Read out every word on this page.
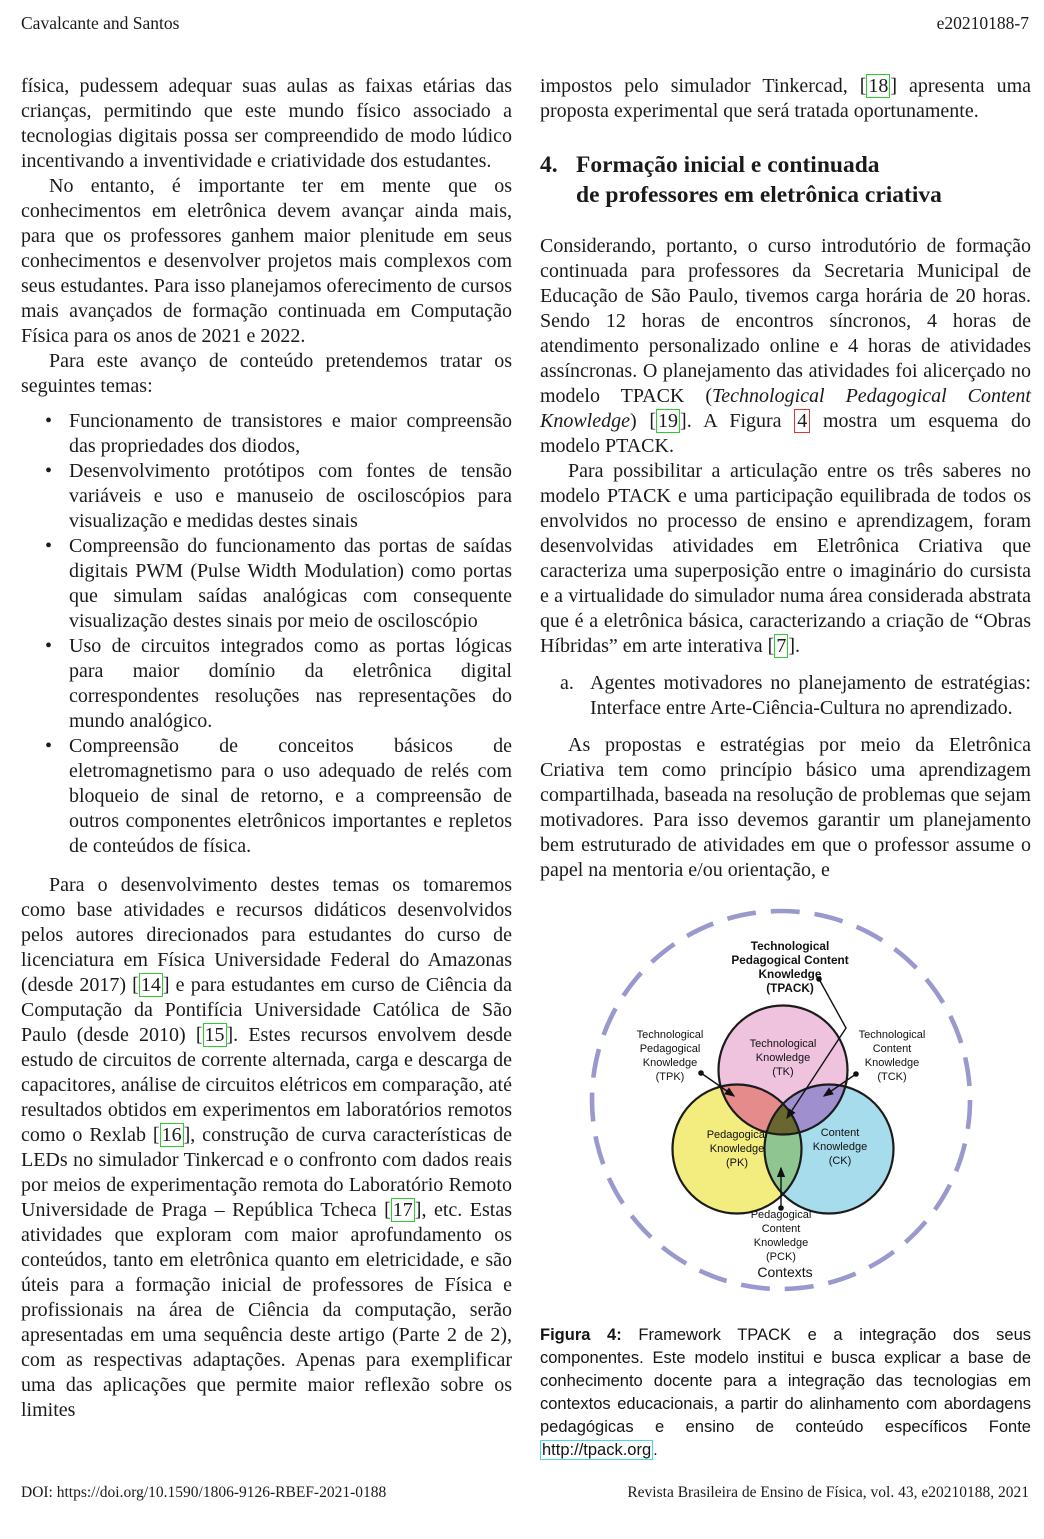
Cavalcante and Santos	e20210188-7

física, pudessem adequar suas aulas as faixas etárias das crianças, permitindo que este mundo físico associado a tecnologias digitais possa ser compreendido de modo lúdico incentivando a inventividade e criatividade dos estudantes.

No entanto, é importante ter em mente que os conhecimentos em eletrônica devem avançar ainda mais, para que os professores ganhem maior plenitude em seus conhecimentos e desenvolver projetos mais complexos com seus estudantes. Para isso planejamos oferecimento de cursos mais avançados de formação continuada em Computação Física para os anos de 2021 e 2022.

Para este avanço de conteúdo pretendemos tratar os seguintes temas:

• Funcionamento de transistores e maior compreensão das propriedades dos diodos,
• Desenvolvimento protótipos com fontes de tensão variáveis e uso e manuseio de osciloscópios para visualização e medidas destes sinais
• Compreensão do funcionamento das portas de saídas digitais PWM (Pulse Width Modulation) como portas que simulam saídas analógicas com consequente visualização destes sinais por meio de osciloscópio
• Uso de circuitos integrados como as portas lógicas para maior domínio da eletrônica digital correspondentes resoluções nas representações do mundo analógico.
• Compreensão de conceitos básicos de eletromagnetismo para o uso adequado de relés com bloqueio de sinal de retorno, e a compreensão de outros componentes eletrônicos importantes e repletos de conteúdos de física.

Para o desenvolvimento destes temas os tomaremos como base atividades e recursos didáticos desenvolvidos pelos autores direcionados para estudantes do curso de licenciatura em Física Universidade Federal do Amazonas (desde 2017) [ 14 ] e para estudantes em curso de Ciência da Computação da Pontifícia Universidade Católica de São Paulo (desde 2010) [ 15 ]. Estes recursos envolvem desde estudo de circuitos de corrente alternada, carga e descarga de capacitores, análise de circuitos elétricos em comparação, até resultados obtidos em experimentos em laboratórios remotos como o Rexlab [ 16 ], construção de curva características de LEDs no simulador Tinkercad e o confronto com dados reais por meios de experimentação remota do Laboratório Remoto Universidade de Praga – República Tcheca [ 17 ], etc. Estas atividades que exploram com maior aprofundamento os conteúdos, tanto em eletrônica quanto em eletricidade, e são úteis para a formação inicial de professores de Física e profissionais na área de Ciência da computação, serão apresentadas em uma sequência deste artigo (Parte 2 de 2), com as respectivas adaptações. Apenas para exemplificar uma das aplicações que permite maior reflexão sobre os limites

impostos pelo simulador Tinkercad, [ 18 ] apresenta uma proposta experimental que será tratada oportunamente.

4. Formação inicial e continuada
de professores em eletrônica criativa

Considerando, portanto, o curso introdutório de formação continuada para professores da Secretaria Municipal de Educação de São Paulo, tivemos carga horária de 20 horas. Sendo 12 horas de encontros síncronos, 4 horas de atendimento personalizado online e 4 horas de atividades assíncronas. O planejamento das atividades foi alicerçado no modelo TPACK (Technological Pedagogical Content Knowledge) [ 19 ]. A Figura 4 mostra um esquema do modelo PTACK.

Para possibilitar a articulação entre os três saberes no modelo PTACK e uma participação equilibrada de todos os envolvidos no processo de ensino e aprendizagem, foram desenvolvidas atividades em Eletrônica Criativa que caracteriza uma superposição entre o imaginário do cursista e a virtualidade do simulador numa área considerada abstrata que é a eletrônica básica, caracterizando a criação de “Obras Híbridas” em arte interativa [ 7 ].

a. Agentes motivadores no planejamento de estratégias: Interface entre Arte-Ciência-Cultura no aprendizado.

As propostas e estratégias por meio da Eletrônica Criativa tem como princípio básico uma aprendizagem compartilhada, baseada na resolução de problemas que sejam motivadores. Para isso devemos garantir um planejamento bem estruturado de atividades em que o professor assume o papel na mentoria e/ou orientação, e

Technological
Pedagogical Content
Knowledge
(TPACK)
Technological
Pedagogical
Knowledge
(TPK)
Technological
Content
Knowledge
(TCK)
Technological
Knowledge
(TK)
Pedagogical
Knowledge
(PK)
Content
Knowledge
(CK)
Pedagogical
Content
Knowledge
(PCK)
Contexts
Figura 4: Framework TPACK e a integração dos seus componentes. Este modelo institui e busca explicar a base de conhecimento docente para a integração das tecnologias em contextos educacionais, a partir do alinhamento com abordagens pedagógicas e ensino de conteúdo específicos Fonte http://tpack.org .
DOI: https://doi.org/10.1590/1806-9126-RBEF-2021-0188	Revista Brasileira de Ensino de Física, vol. 43, e20210188, 2021
